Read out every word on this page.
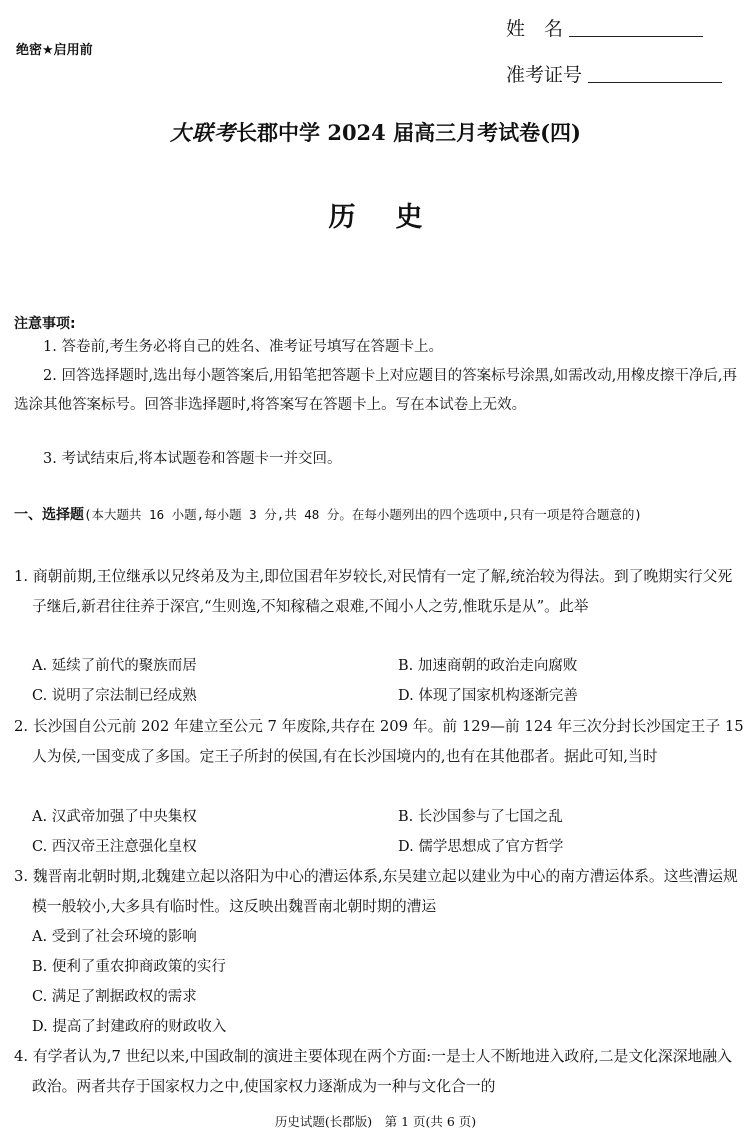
绝密★启用前
姓　名
准考证号
大联考长郡中学 2024 届高三月考试卷(四)
历史
注意事项:
1. 答卷前,考生务必将自己的姓名、准考证号填写在答题卡上。
2. 回答选择题时,选出每小题答案后,用铅笔把答题卡上对应题目的答案标号涂黑,如需改动,用橡皮擦干净后,再选涂其他答案标号。回答非选择题时,将答案写在答题卡上。写在本试卷上无效。
3. 考试结束后,将本试题卷和答题卡一并交回。
一、选择题(本大题共 16 小题,每小题 3 分,共 48 分。在每小题列出的四个选项中,只有一项是符合题意的)
1. 商朝前期,王位继承以兄终弟及为主,即位国君年岁较长,对民情有一定了解,统治较为得法。到了晚期实行父死子继后,新君往往养于深宫,“生则逸,不知稼穑之艰难,不闻小人之劳,惟耽乐是从”。此举
A. 延续了前代的聚族而居	B. 加速商朝的政治走向腐败
C. 说明了宗法制已经成熟	D. 体现了国家机构逐渐完善
2. 长沙国自公元前 202 年建立至公元 7 年废除,共存在 209 年。前 129—前 124 年三次分封长沙国定王子 15 人为侯,一国变成了多国。定王子所封的侯国,有在长沙国境内的,也有在其他郡者。据此可知,当时
A. 汉武帝加强了中央集权	B. 长沙国参与了七国之乱
C. 西汉帝王注意强化皇权	D. 儒学思想成了官方哲学
3. 魏晋南北朝时期,北魏建立起以洛阳为中心的漕运体系,东吴建立起以建业为中心的南方漕运体系。这些漕运规模一般较小,大多具有临时性。这反映出魏晋南北朝时期的漕运
A. 受到了社会环境的影响
B. 便利了重农抑商政策的实行
C. 满足了割据政权的需求
D. 提高了封建政府的财政收入
4. 有学者认为,7 世纪以来,中国政制的演进主要体现在两个方面:一是士人不断地进入政府,二是文化深深地融入政治。两者共存于国家权力之中,使国家权力逐渐成为一种与文化合一的
历史试题(长郡版)　第 1 页(共 6 页)
